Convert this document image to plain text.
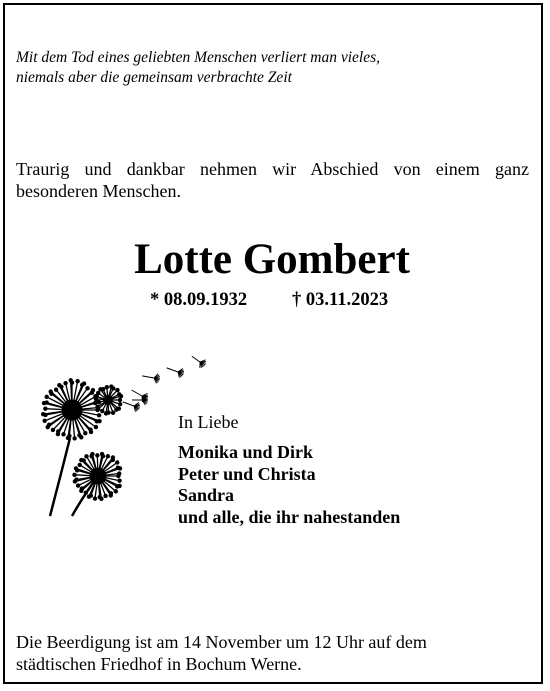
Mit dem Tod eines geliebten Menschen verliert man vieles,
niemals aber die gemeinsam verbrachte Zeit
Traurig und dankbar nehmen wir Abschied von einem ganz besonderen Menschen.
Lotte Gombert
* 08.09.1932 † 03.11.2023
In Liebe
Monika und Dirk
Peter und Christa
Sandra
und alle, die ihr nahestanden
Die Beerdigung ist am 14 November um 12 Uhr auf dem
städtischen Friedhof in Bochum Werne.
